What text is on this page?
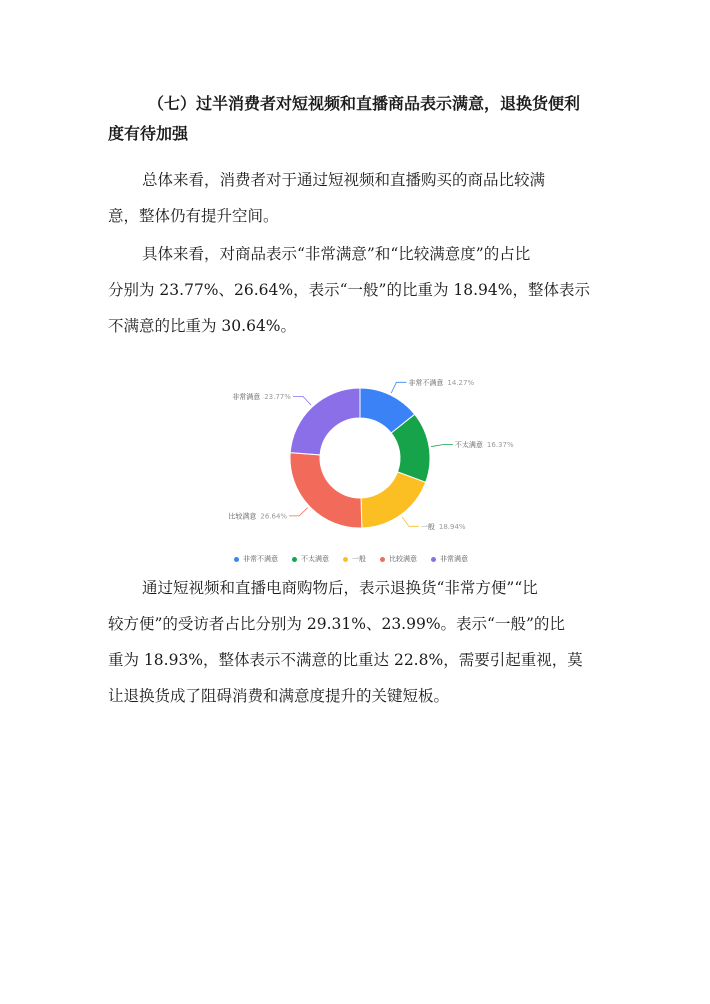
（七）过半消费者对短视频和直播商品表示满意，退换货便利
度有待加强
总体来看，消费者对于通过短视频和直播购买的商品比较满
意，整体仍有提升空间。
具体来看，对商品表示“非常满意”和“比较满意度”的占比
分别为 23.77%、26.64%，表示“一般”的比重为 18.94%，整体表示
不满意的比重为 30.64%。
非常不满意 14.27%
不太满意 16.37%
一般 18.94%
比较满意 26.64%
非常满意 23.77%
非常不满意	不太满意	一般	比较满意	非常满意
通过短视频和直播电商购物后，表示退换货“非常方便”“比
较方便”的受访者占比分别为 29.31%、23.99%。表示“一般”的比
重为 18.93%，整体表示不满意的比重达 22.8%，需要引起重视，莫
让退换货成了阻碍消费和满意度提升的关键短板。
